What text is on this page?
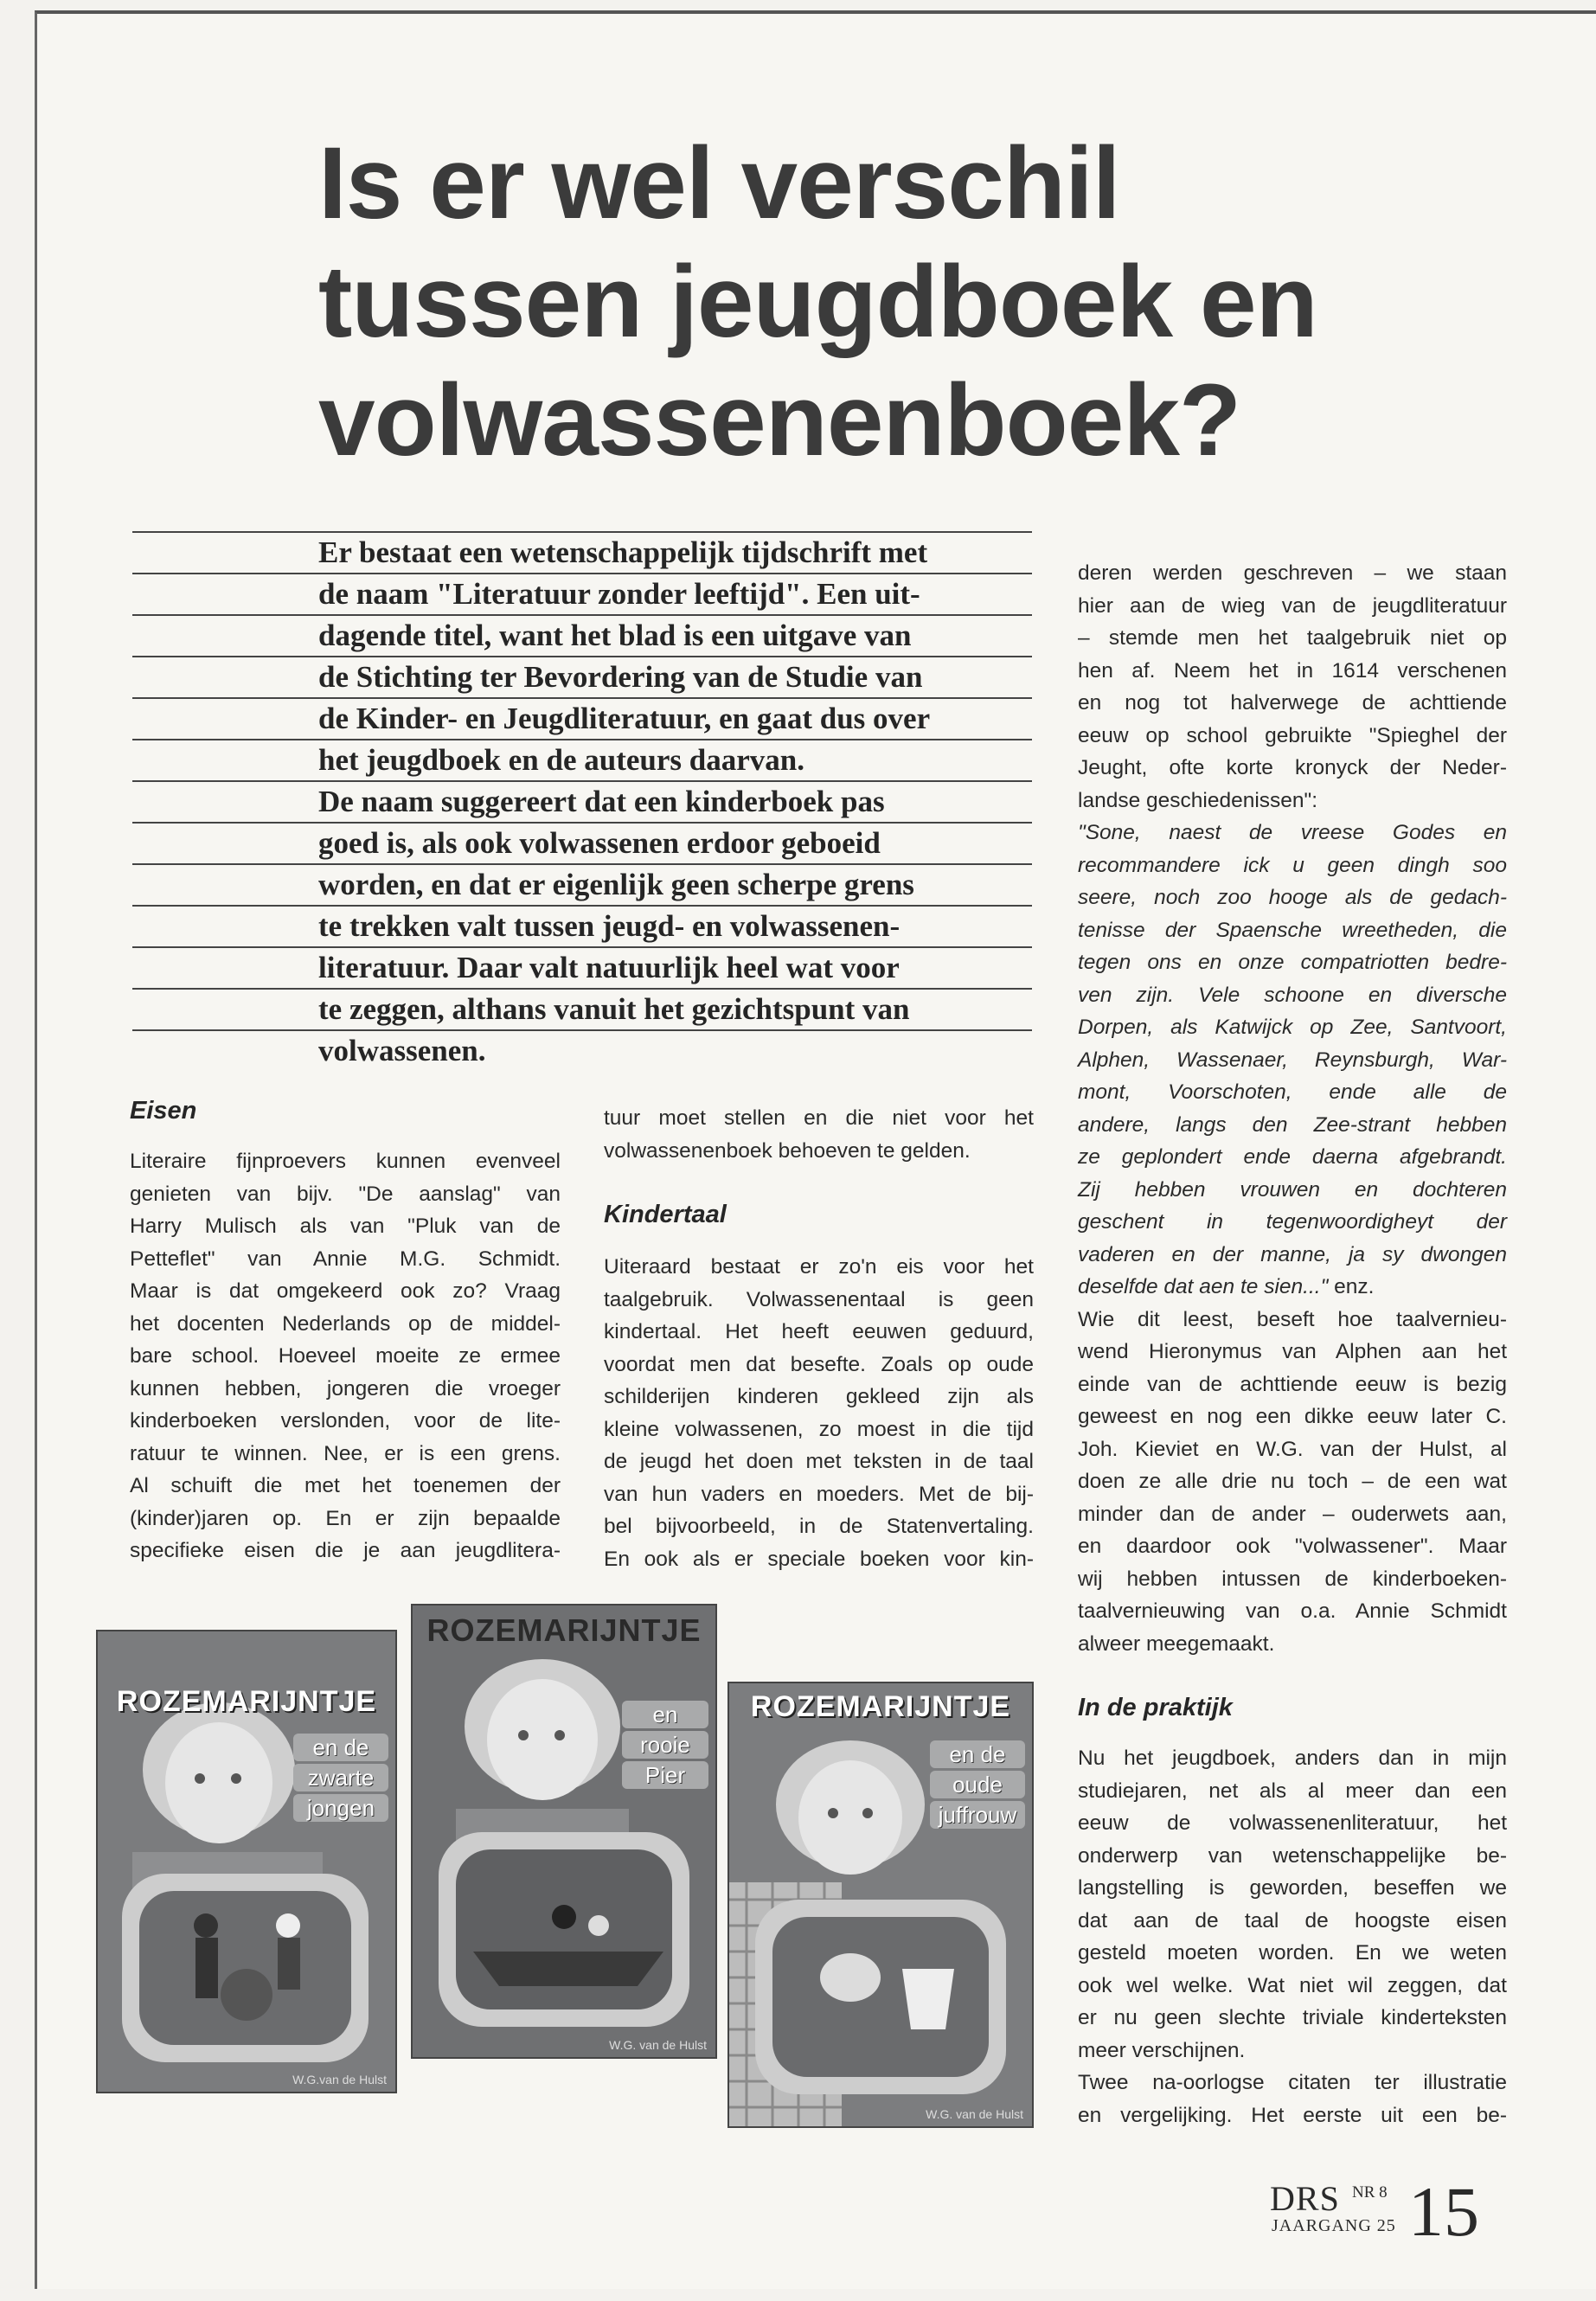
Is er wel verschil
tussen jeugdboek en
volwassenenboek?
Er bestaat een wetenschappelijk tijdschrift met
de naam "Literatuur zonder leeftijd". Een uit-
dagende titel, want het blad is een uitgave van
de Stichting ter Bevordering van de Studie van
de Kinder- en Jeugdliteratuur, en gaat dus over
het jeugdboek en de auteurs daarvan.
De naam suggereert dat een kinderboek pas
goed is, als ook volwassenen erdoor geboeid
worden, en dat er eigenlijk geen scherpe grens
te trekken valt tussen jeugd- en volwassenen-
literatuur. Daar valt natuurlijk heel wat voor
te zeggen, althans vanuit het gezichtspunt van
volwassenen.
Eisen

Literaire fijnproevers kunnen evenveel

genieten van bijv. "De aanslag" van

Harry Mulisch als van "Pluk van de

Petteflet" van Annie M.G. Schmidt.

Maar is dat omgekeerd ook zo? Vraag

het docenten Nederlands op de middel-

bare school. Hoeveel moeite ze ermee

kunnen hebben, jongeren die vroeger

kinderboeken verslonden, voor de lite-

ratuur te winnen. Nee, er is een grens.

Al schuift die met het toenemen der

(kinder)jaren op. En er zijn bepaalde

specifieke eisen die je aan jeugdlitera-

tuur moet stellen en die niet voor het

volwassenenboek behoeven te gelden.

Kindertaal

Uiteraard bestaat er zo'n eis voor het

taalgebruik. Volwassenentaal is geen

kindertaal. Het heeft eeuwen geduurd,

voordat men dat besefte. Zoals op oude

schilderijen kinderen gekleed zijn als

kleine volwassenen, zo moest in die tijd

de jeugd het doen met teksten in de taal

van hun vaders en moeders. Met de bij-

bel bijvoorbeeld, in de Statenvertaling.

En ook als er speciale boeken voor kin-

deren werden geschreven – we staan

hier aan de wieg van de jeugdliteratuur

– stemde men het taalgebruik niet op

hen af. Neem het in 1614 verschenen

en nog tot halverwege de achttiende

eeuw op school gebruikte "Spieghel der

Jeught, ofte korte kronyck der Neder-

landse geschiedenissen":

"Sone, naest de vreese Godes en

recommandere ick u geen dingh soo

seere, noch zoo hooge als de gedach-

tenisse der Spaensche wreetheden, die

tegen ons en onze compatriotten bedre-

ven zijn. Vele schoone en diversche

Dorpen, als Katwijck op Zee, Santvoort,

Alphen, Wassenaer, Reynsburgh, War-

mont, Voorschoten, ende alle de

andere, langs den Zee-strant hebben

ze geplondert ende daerna afgebrandt.

Zij hebben vrouwen en dochteren

geschent in tegenwoordigheyt der

vaderen en der manne, ja sy dwongen

deselfde dat aen te sien..." enz.

Wie dit leest, beseft hoe taalvernieu-

wend Hieronymus van Alphen aan het

einde van de achttiende eeuw is bezig

geweest en nog een dikke eeuw later C.

Joh. Kieviet en W.G. van der Hulst, al

doen ze alle drie nu toch – de een wat

minder dan de ander – ouderwets aan,

en daardoor ook "volwassener". Maar

wij hebben intussen de kinderboeken-

taalvernieuwing van o.a. Annie Schmidt

alweer meegemaakt.

In de praktijk

Nu het jeugdboek, anders dan in mijn

studiejaren, net als al meer dan een

eeuw de volwassenenliteratuur, het

onderwerp van wetenschappelijke be-

langstelling is geworden, beseffen we

dat aan de taal de hoogste eisen

gesteld moeten worden. En we weten

ook wel welke. Wat niet wil zeggen, dat

er nu geen slechte triviale kinderteksten

meer verschijnen.

Twee na-oorlogse citaten ter illustratie

en vergelijking. Het eerste uit een be-

ROZEMARIJNTJE
en de
zwarte
jongen
W.G.van de Hulst
ROZEMARIJNTJE
en
rooie
Pier
W.G. van de Hulst
ROZEMARIJNTJE
en de
oude
juffrouw
W.G. van de Hulst
DRS NR 8
JAARGANG 25 15
